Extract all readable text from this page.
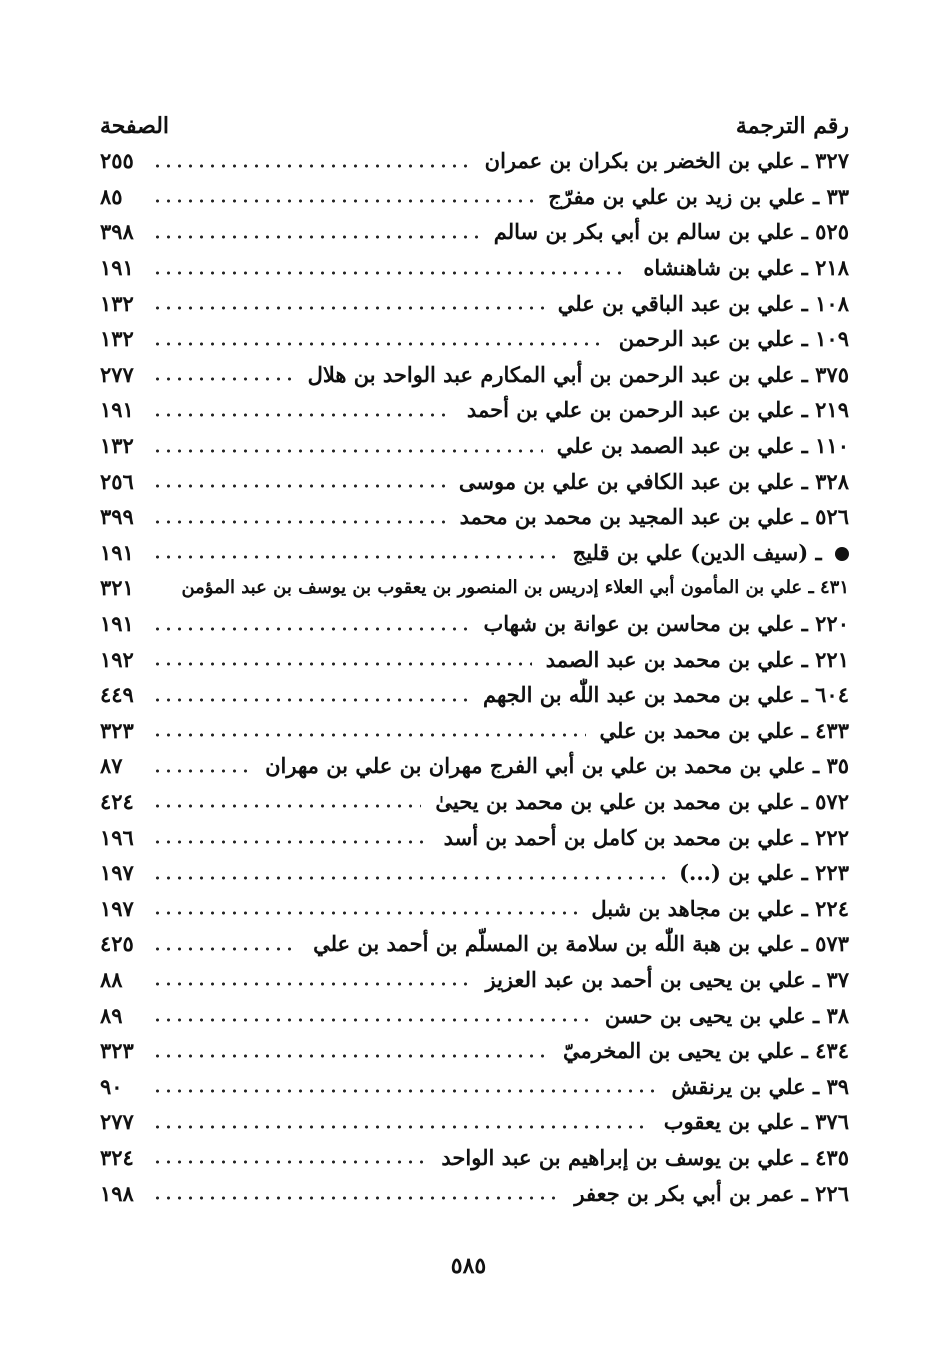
رقم الترجمة
الصفحة
٣٢٧ ـ علي بن الخضر بن بكران بن عمران
٢٥٥
٣٣ ـ علي بن زيد بن علي بن مفرّج
٨٥
٥٢٥ ـ علي بن سالم بن أبي بكر بن سالم
٣٩٨
٢١٨ ـ علي بن شاهنشاه
١٩١
١٠٨ ـ علي بن عبد الباقي بن علي
١٣٢
١٠٩ ـ علي بن عبد الرحمن
١٣٢
٣٧٥ ـ علي بن عبد الرحمن بن أبي المكارم عبد الواحد بن هلال
٢٧٧
٢١٩ ـ علي بن عبد الرحمن بن علي بن أحمد
١٩١
١١٠ ـ علي بن عبد الصمد بن علي
١٣٢
٣٢٨ ـ علي بن عبد الكافي بن علي بن موسى
٢٥٦
٥٢٦ ـ علي بن عبد المجيد بن محمد بن محمد
٣٩٩
ـ (سيف الدين) علي بن قليج
١٩١
٤٣١ ـ علي بن المأمون أبي العلاء إدريس بن المنصور بن يعقوب بن يوسف بن عبد المؤمن
٣٢١
٢٢٠ ـ علي بن محاسن بن عوانة بن شهاب
١٩١
٢٢١ ـ علي بن محمد بن عبد الصمد
١٩٢
٦٠٤ ـ علي بن محمد بن عبد اللّٰه بن الجهم
٤٤٩
٤٣٣ ـ علي بن محمد بن علي
٣٢٣
٣٥ ـ علي بن محمد بن علي بن أبي الفرج مهران بن علي بن مهران
٨٧
٥٧٢ ـ علي بن محمد بن علي بن محمد بن يحيىٰ
٤٢٤
٢٢٢ ـ علي بن محمد بن كامل بن أحمد بن أسد
١٩٦
٢٢٣ ـ علي بن (...)
١٩٧
٢٢٤ ـ علي بن مجاهد بن شبل
١٩٧
٥٧٣ ـ علي بن هبة اللّٰه بن سلامة بن المسلّم بن أحمد بن علي
٤٢٥
٣٧ ـ علي بن يحيى بن أحمد بن عبد العزيز
٨٨
٣٨ ـ علي بن يحيى بن حسن
٨٩
٤٣٤ ـ علي بن يحيى بن المخرميّ
٣٢٣
٣٩ ـ علي بن يرنقش
٩٠
٣٧٦ ـ علي بن يعقوب
٢٧٧
٤٣٥ ـ علي بن يوسف بن إبراهيم بن عبد الواحد
٣٢٤
٢٢٦ ـ عمر بن أبي بكر بن جعفر
١٩٨
٥٨٥
